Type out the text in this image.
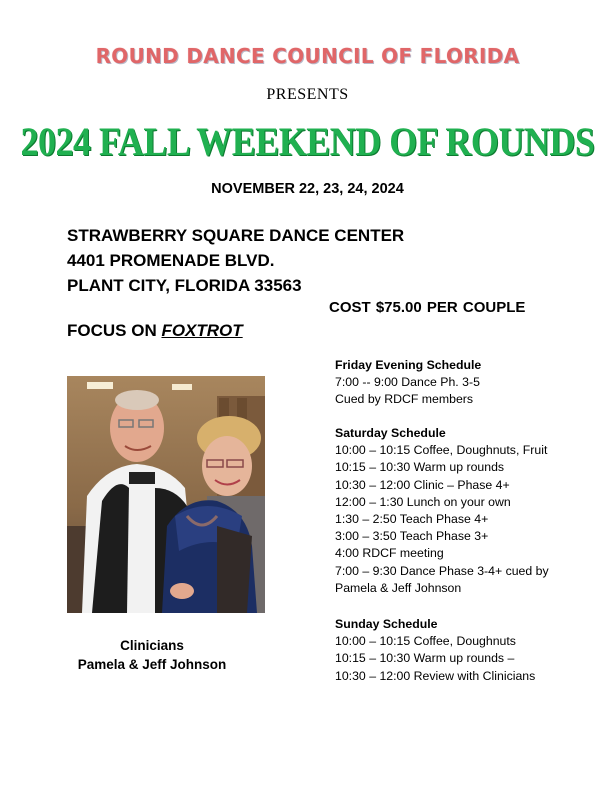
ROUND DANCE COUNCIL OF FLORIDA
PRESENTS
2024 FALL WEEKEND OF ROUNDS
NOVEMBER 22, 23, 24, 2024
STRAWBERRY SQUARE DANCE CENTER
4401 PROMENADE BLVD.
PLANT CITY, FLORIDA 33563
COST $75.00 PER COUPLE
FOCUS ON FOXTROT
Clinicians
Pamela & Jeff Johnson
Friday Evening Schedule
7:00 -- 9:00 Dance Ph. 3-5
Cued by RDCF members
Saturday Schedule
10:00 – 10:15 Coffee, Doughnuts, Fruit
10:15 – 10:30 Warm up rounds
10:30 – 12:00 Clinic – Phase 4+
12:00 – 1:30 Lunch on your own
1:30 – 2:50 Teach Phase 4+
3:00 – 3:50 Teach Phase 3+
4:00 RDCF meeting
7:00 – 9:30 Dance Phase 3-4+ cued by
Pamela & Jeff Johnson
Sunday Schedule
10:00 – 10:15 Coffee, Doughnuts
10:15 – 10:30 Warm up rounds –
10:30 – 12:00 Review with Clinicians
